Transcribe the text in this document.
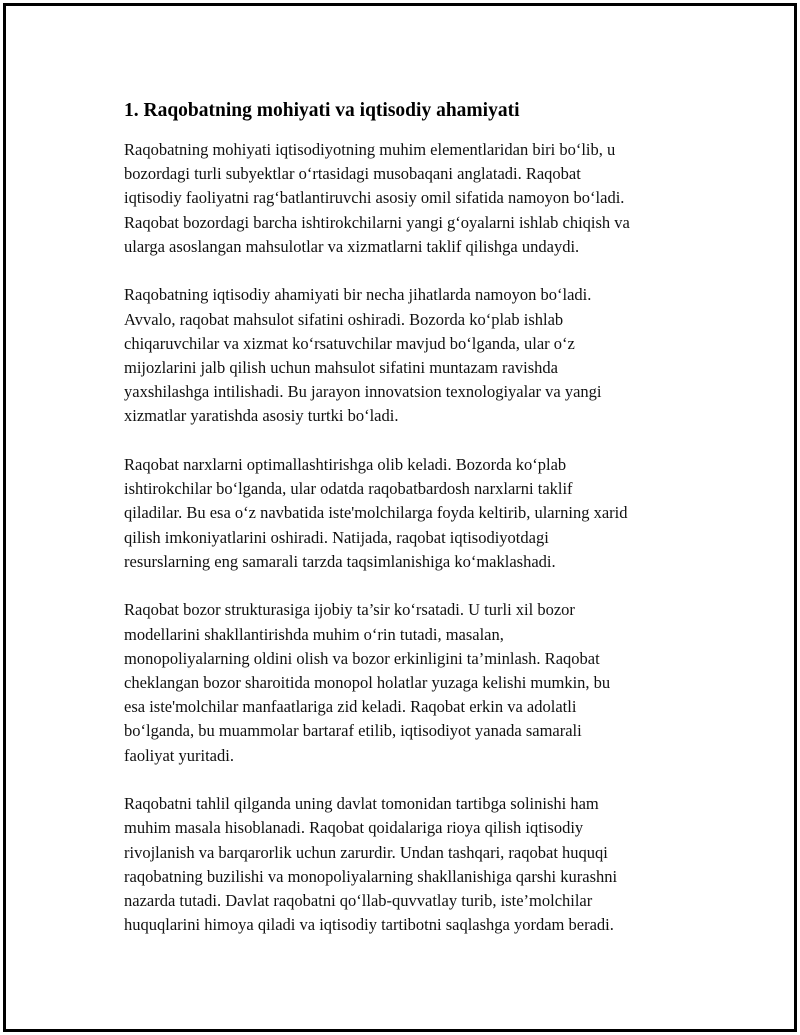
1. Raqobatning mohiyati va iqtisodiy ahamiyati

Raqobatning mohiyati iqtisodiyotning muhim elementlaridan biri bo‘lib, u
bozordagi turli subyektlar o‘rtasidagi musobaqani anglatadi. Raqobat
iqtisodiy faoliyatni rag‘batlantiruvchi asosiy omil sifatida namoyon bo‘ladi.
Raqobat bozordagi barcha ishtirokchilarni yangi g‘oyalarni ishlab chiqish va
ularga asoslangan mahsulotlar va xizmatlarni taklif qilishga undaydi.

Raqobatning iqtisodiy ahamiyati bir necha jihatlarda namoyon bo‘ladi.
Avvalo, raqobat mahsulot sifatini oshiradi. Bozorda ko‘plab ishlab
chiqaruvchilar va xizmat ko‘rsatuvchilar mavjud bo‘lganda, ular o‘z
mijozlarini jalb qilish uchun mahsulot sifatini muntazam ravishda
yaxshilashga intilishadi. Bu jarayon innovatsion texnologiyalar va yangi
xizmatlar yaratishda asosiy turtki bo‘ladi.

Raqobat narxlarni optimallashtirishga olib keladi. Bozorda ko‘plab
ishtirokchilar bo‘lganda, ular odatda raqobatbardosh narxlarni taklif
qiladilar. Bu esa o‘z navbatida iste'molchilarga foyda keltirib, ularning xarid
qilish imkoniyatlarini oshiradi. Natijada, raqobat iqtisodiyotdagi
resurslarning eng samarali tarzda taqsimlanishiga ko‘maklashadi.

Raqobat bozor strukturasiga ijobiy ta’sir ko‘rsatadi. U turli xil bozor
modellarini shakllantirishda muhim o‘rin tutadi, masalan,
monopoliyalarning oldini olish va bozor erkinligini ta’minlash. Raqobat
cheklangan bozor sharoitida monopol holatlar yuzaga kelishi mumkin, bu
esa iste'molchilar manfaatlariga zid keladi. Raqobat erkin va adolatli
bo‘lganda, bu muammolar bartaraf etilib, iqtisodiyot yanada samarali
faoliyat yuritadi.

Raqobatni tahlil qilganda uning davlat tomonidan tartibga solinishi ham
muhim masala hisoblanadi. Raqobat qoidalariga rioya qilish iqtisodiy
rivojlanish va barqarorlik uchun zarurdir. Undan tashqari, raqobat huquqi
raqobatning buzilishi va monopoliyalarning shakllanishiga qarshi kurashni
nazarda tutadi. Davlat raqobatni qo‘llab-quvvatlay turib, iste’molchilar
huquqlarini himoya qiladi va iqtisodiy tartibotni saqlashga yordam beradi.
